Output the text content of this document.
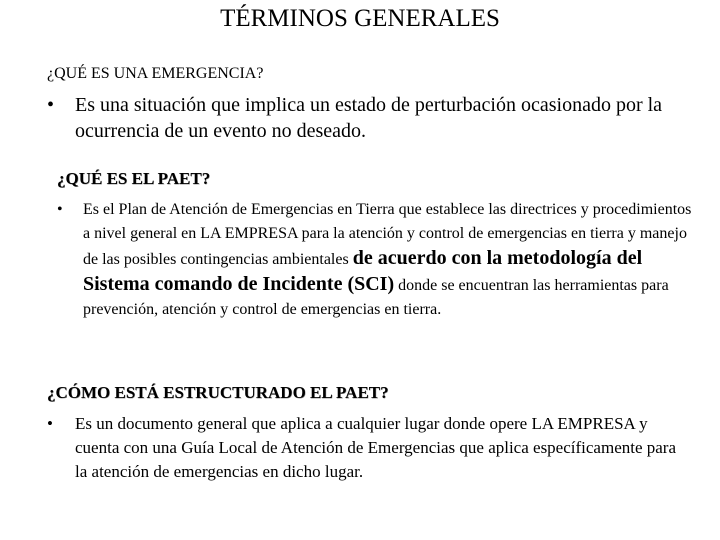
TÉRMINOS GENERALES
¿QUÉ ES UNA EMERGENCIA?
• Es una situación que implica un estado de perturbación ocasionado por la ocurrencia de un evento no deseado.
¿QUÉ ES EL PAET?
• Es el Plan de Atención de Emergencias en Tierra que establece las directrices y procedimientos a nivel general en LA EMPRESA para la atención y control de emergencias en tierra y manejo de las posibles contingencias ambientales de acuerdo con la metodología del Sistema comando de Incidente (SCI) donde se encuentran las herramientas para prevención, atención y control de emergencias en tierra.
¿CÓMO ESTÁ ESTRUCTURADO EL PAET?
• Es un documento general que aplica a cualquier lugar donde opere LA EMPRESA y cuenta con una Guía Local de Atención de Emergencias que aplica específicamente para la atención de emergencias en dicho lugar.
